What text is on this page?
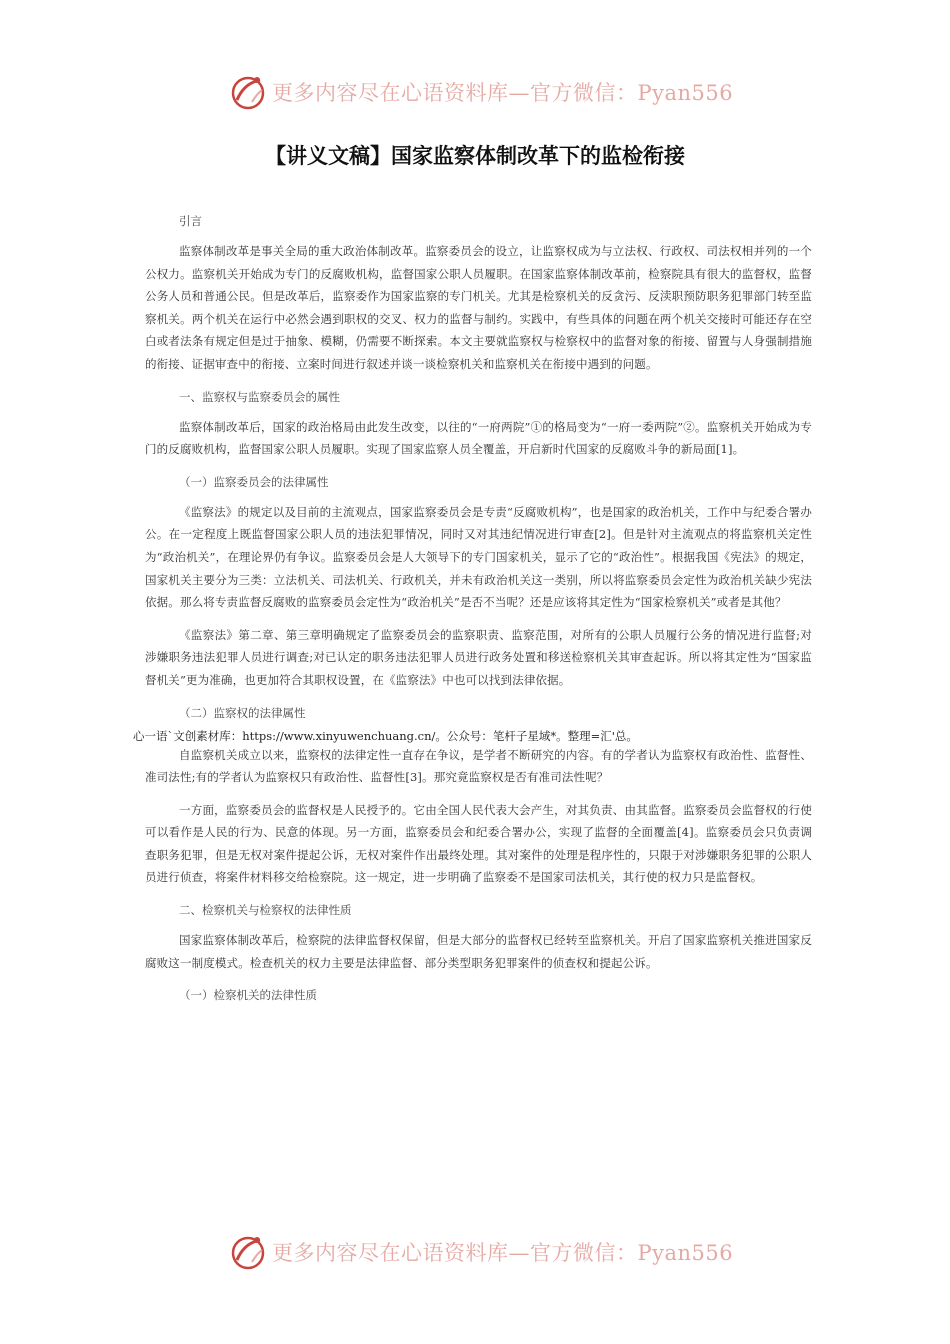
更多内容尽在心语资料库—官方微信：Pyan556
【讲义文稿】国家监察体制改革下的监检衔接
引言
监察体制改革是事关全局的重大政治体制改革。监察委员会的设立，让监察权成为与立法权、行政权、司法权相并列的一个公权力。监察机关开始成为专门的反腐败机构，监督国家公职人员履职。在国家监察体制改革前，检察院具有很大的监督权，监督公务人员和普通公民。但是改革后，监察委作为国家监察的专门机关。尤其是检察机关的反贪污、反渎职预防职务犯罪部门转至监察机关。两个机关在运行中必然会遇到职权的交叉、权力的监督与制约。实践中，有些具体的问题在两个机关交接时可能还存在空白或者法条有规定但是过于抽象、模糊，仍需要不断探索。本文主要就监察权与检察权中的监督对象的衔接、留置与人身强制措施的衔接、证据审查中的衔接、立案时间进行叙述并谈一谈检察机关和监察机关在衔接中遇到的问题。
一、监察权与监察委员会的属性
监察体制改革后，国家的政治格局由此发生改变，以往的“一府两院”①的格局变为“一府一委两院”②。监察机关开始成为专门的反腐败机构，监督国家公职人员履职。实现了国家监察人员全覆盖，开启新时代国家的反腐败斗争的新局面[1]。
（一）监察委员会的法律属性
《监察法》的规定以及目前的主流观点，国家监察委员会是专责“反腐败机构”，也是国家的政治机关，工作中与纪委合署办公。在一定程度上既监督国家公职人员的违法犯罪情况，同时又对其违纪情况进行审查[2]。但是针对主流观点的将监察机关定性为“政治机关”，在理论界仍有争议。监察委员会是人大领导下的专门国家机关，显示了它的“政治性”。根据我国《宪法》的规定，国家机关主要分为三类：立法机关、司法机关、行政机关，并未有政治机关这一类别，所以将监察委员会定性为政治机关缺少宪法依据。那么将专责监督反腐败的监察委员会定性为“政治机关”是否不当呢？还是应该将其定性为“国家检察机关”或者是其他？
《监察法》第二章、第三章明确规定了监察委员会的监察职责、监察范围，对所有的公职人员履行公务的情况进行监督;对涉嫌职务违法犯罪人员进行调查;对已认定的职务违法犯罪人员进行政务处置和移送检察机关其审查起诉。所以将其定性为“国家监督机关”更为准确，也更加符合其职权设置，在《监察法》中也可以找到法律依据。
（二）监察权的法律属性
心一语`文创素材库：https://www.xinyuwenchuang.cn/。公众号：笔杆子星域*。整理=汇'总。
自监察机关成立以来，监察权的法律定性一直存在争议，是学者不断研究的内容。有的学者认为监察权有政治性、监督性、准司法性;有的学者认为监察权只有政治性、监督性[3]。那究竟监察权是否有准司法性呢？
一方面，监察委员会的监督权是人民授予的。它由全国人民代表大会产生，对其负责、由其监督。监察委员会监督权的行使可以看作是人民的行为、民意的体现。另一方面，监察委员会和纪委合署办公，实现了监督的全面覆盖[4]。监察委员会只负责调查职务犯罪，但是无权对案件提起公诉，无权对案件作出最终处理。其对案件的处理是程序性的，只限于对涉嫌职务犯罪的公职人员进行侦查，将案件材料移交给检察院。这一规定，进一步明确了监察委不是国家司法机关，其行使的权力只是监督权。
二、检察机关与检察权的法律性质
国家监察体制改革后，检察院的法律监督权保留，但是大部分的监督权已经转至监察机关。开启了国家监察机关推进国家反腐败这一制度模式。检查机关的权力主要是法律监督、部分类型职务犯罪案件的侦查权和提起公诉。
（一）检察机关的法律性质
更多内容尽在心语资料库—官方微信：Pyan556
